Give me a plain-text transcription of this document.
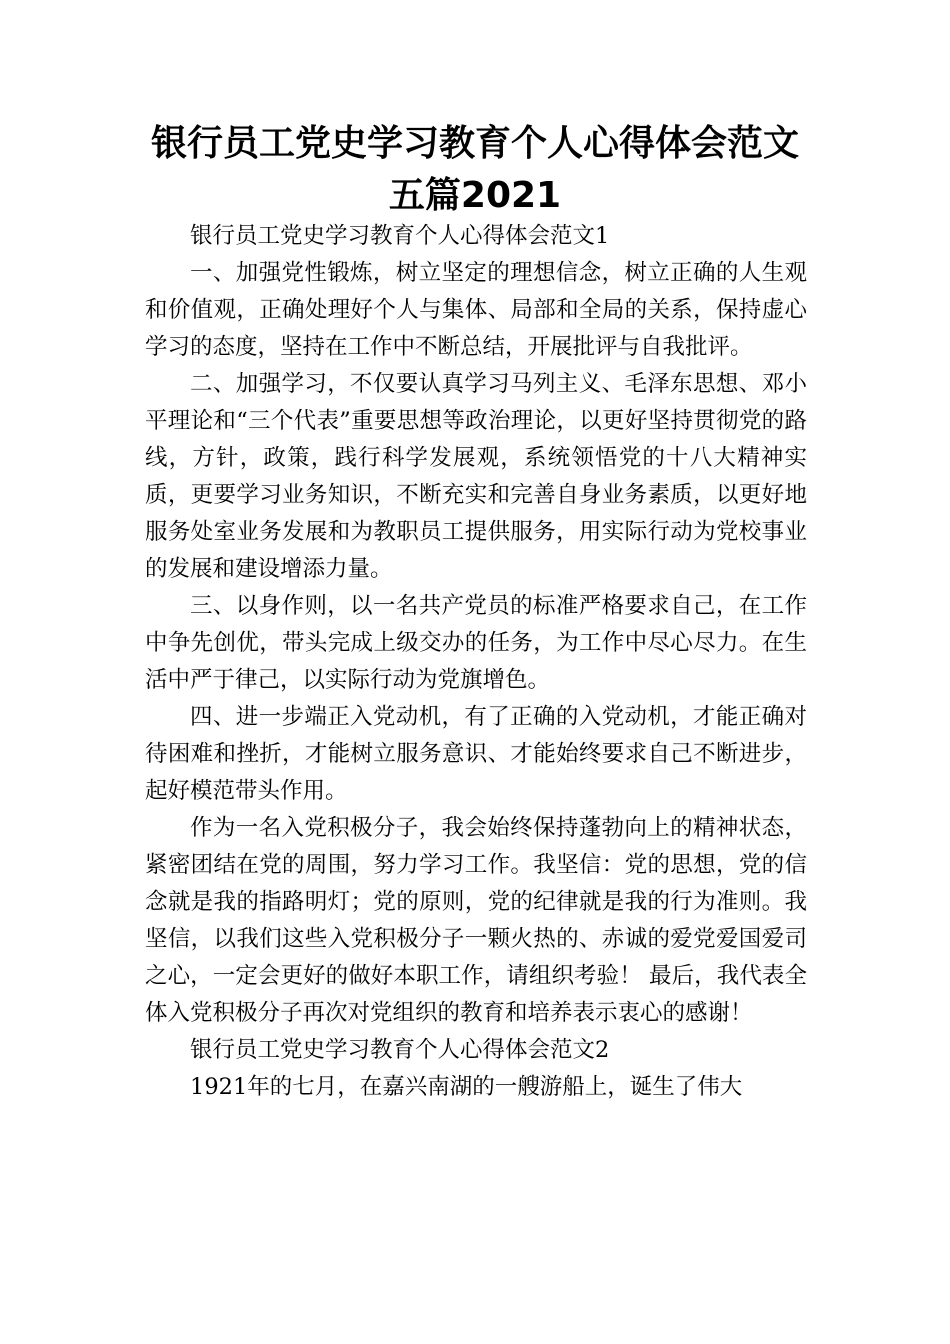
银行员工党史学习教育个人心得体会范文五篇2021

银行员工党史学习教育个人心得体会范文1

一、加强党性锻炼，树立坚定的理想信念，树立正确的人生观和价值观，正确处理好个人与集体、局部和全局的关系，保持虚心学习的态度，坚持在工作中不断总结，开展批评与自我批评。

二、加强学习，不仅要认真学习马列主义、毛泽东思想、邓小平理论和“三个代表”重要思想等政治理论，以更好坚持贯彻党的路线，方针，政策，践行科学发展观，系统领悟党的十八大精神实质，更要学习业务知识，不断充实和完善自身业务素质，以更好地服务处室业务发展和为教职员工提供服务，用实际行动为党校事业的发展和建设增添力量。

三、以身作则，以一名共产党员的标准严格要求自己，在工作中争先创优，带头完成上级交办的任务，为工作中尽心尽力。在生活中严于律己，以实际行动为党旗增色。

四、进一步端正入党动机，有了正确的入党动机，才能正确对待困难和挫折，才能树立服务意识、才能始终要求自己不断进步，起好模范带头作用。

作为一名入党积极分子，我会始终保持蓬勃向上的精神状态，紧密团结在党的周围，努力学习工作。我坚信：党的思想，党的信念就是我的指路明灯；党的原则，党的纪律就是我的行为准则。我坚信，以我们这些入党积极分子一颗火热的、赤诚的爱党爱国爱司之心，一定会更好的做好本职工作，请组织考验！ 最后，我代表全体入党积极分子再次对党组织的教育和培养表示衷心的感谢！

银行员工党史学习教育个人心得体会范文2

1921年的七月，在嘉兴南湖的一艘游船上，诞生了伟大
